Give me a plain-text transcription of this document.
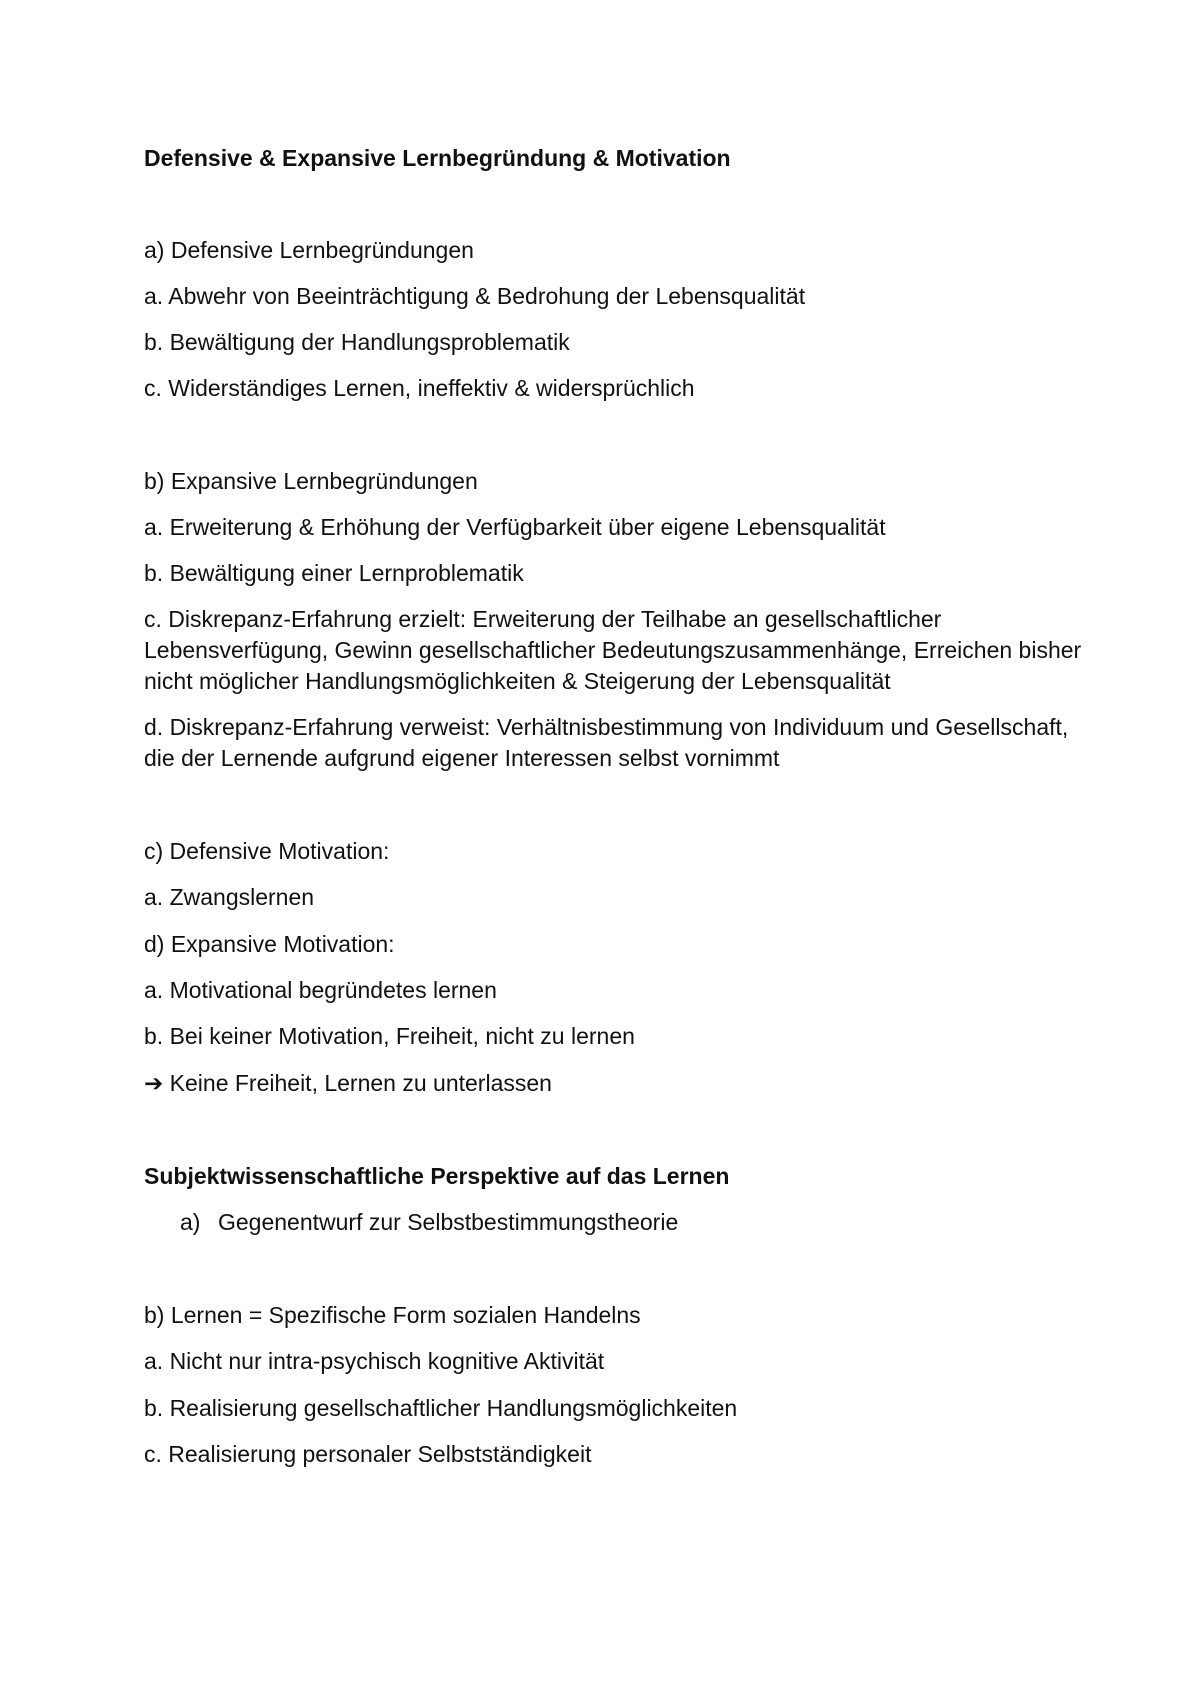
Defensive & Expansive Lernbegründung & Motivation
a) Defensive Lernbegründungen
a. Abwehr von Beeinträchtigung & Bedrohung der Lebensqualität
b. Bewältigung der Handlungsproblematik
c. Widerständiges Lernen, ineffektiv & widersprüchlich
b) Expansive Lernbegründungen
a. Erweiterung & Erhöhung der Verfügbarkeit über eigene Lebensqualität
b. Bewältigung einer Lernproblematik
c. Diskrepanz-Erfahrung erzielt: Erweiterung der Teilhabe an gesellschaftlicher Lebensverfügung, Gewinn gesellschaftlicher Bedeutungszusammenhänge, Erreichen bisher nicht möglicher Handlungsmöglichkeiten & Steigerung der Lebensqualität
d. Diskrepanz-Erfahrung verweist: Verhältnisbestimmung von Individuum und Gesellschaft, die der Lernende aufgrund eigener Interessen selbst vornimmt
c) Defensive Motivation:
a. Zwangslernen
d) Expansive Motivation:
a. Motivational begründetes lernen
b. Bei keiner Motivation, Freiheit, nicht zu lernen
➔ Keine Freiheit, Lernen zu unterlassen
Subjektwissenschaftliche Perspektive auf das Lernen
a) Gegenentwurf zur Selbstbestimmungstheorie
b) Lernen = Spezifische Form sozialen Handelns
a. Nicht nur intra-psychisch kognitive Aktivität
b. Realisierung gesellschaftlicher Handlungsmöglichkeiten
c. Realisierung personaler Selbstständigkeit
